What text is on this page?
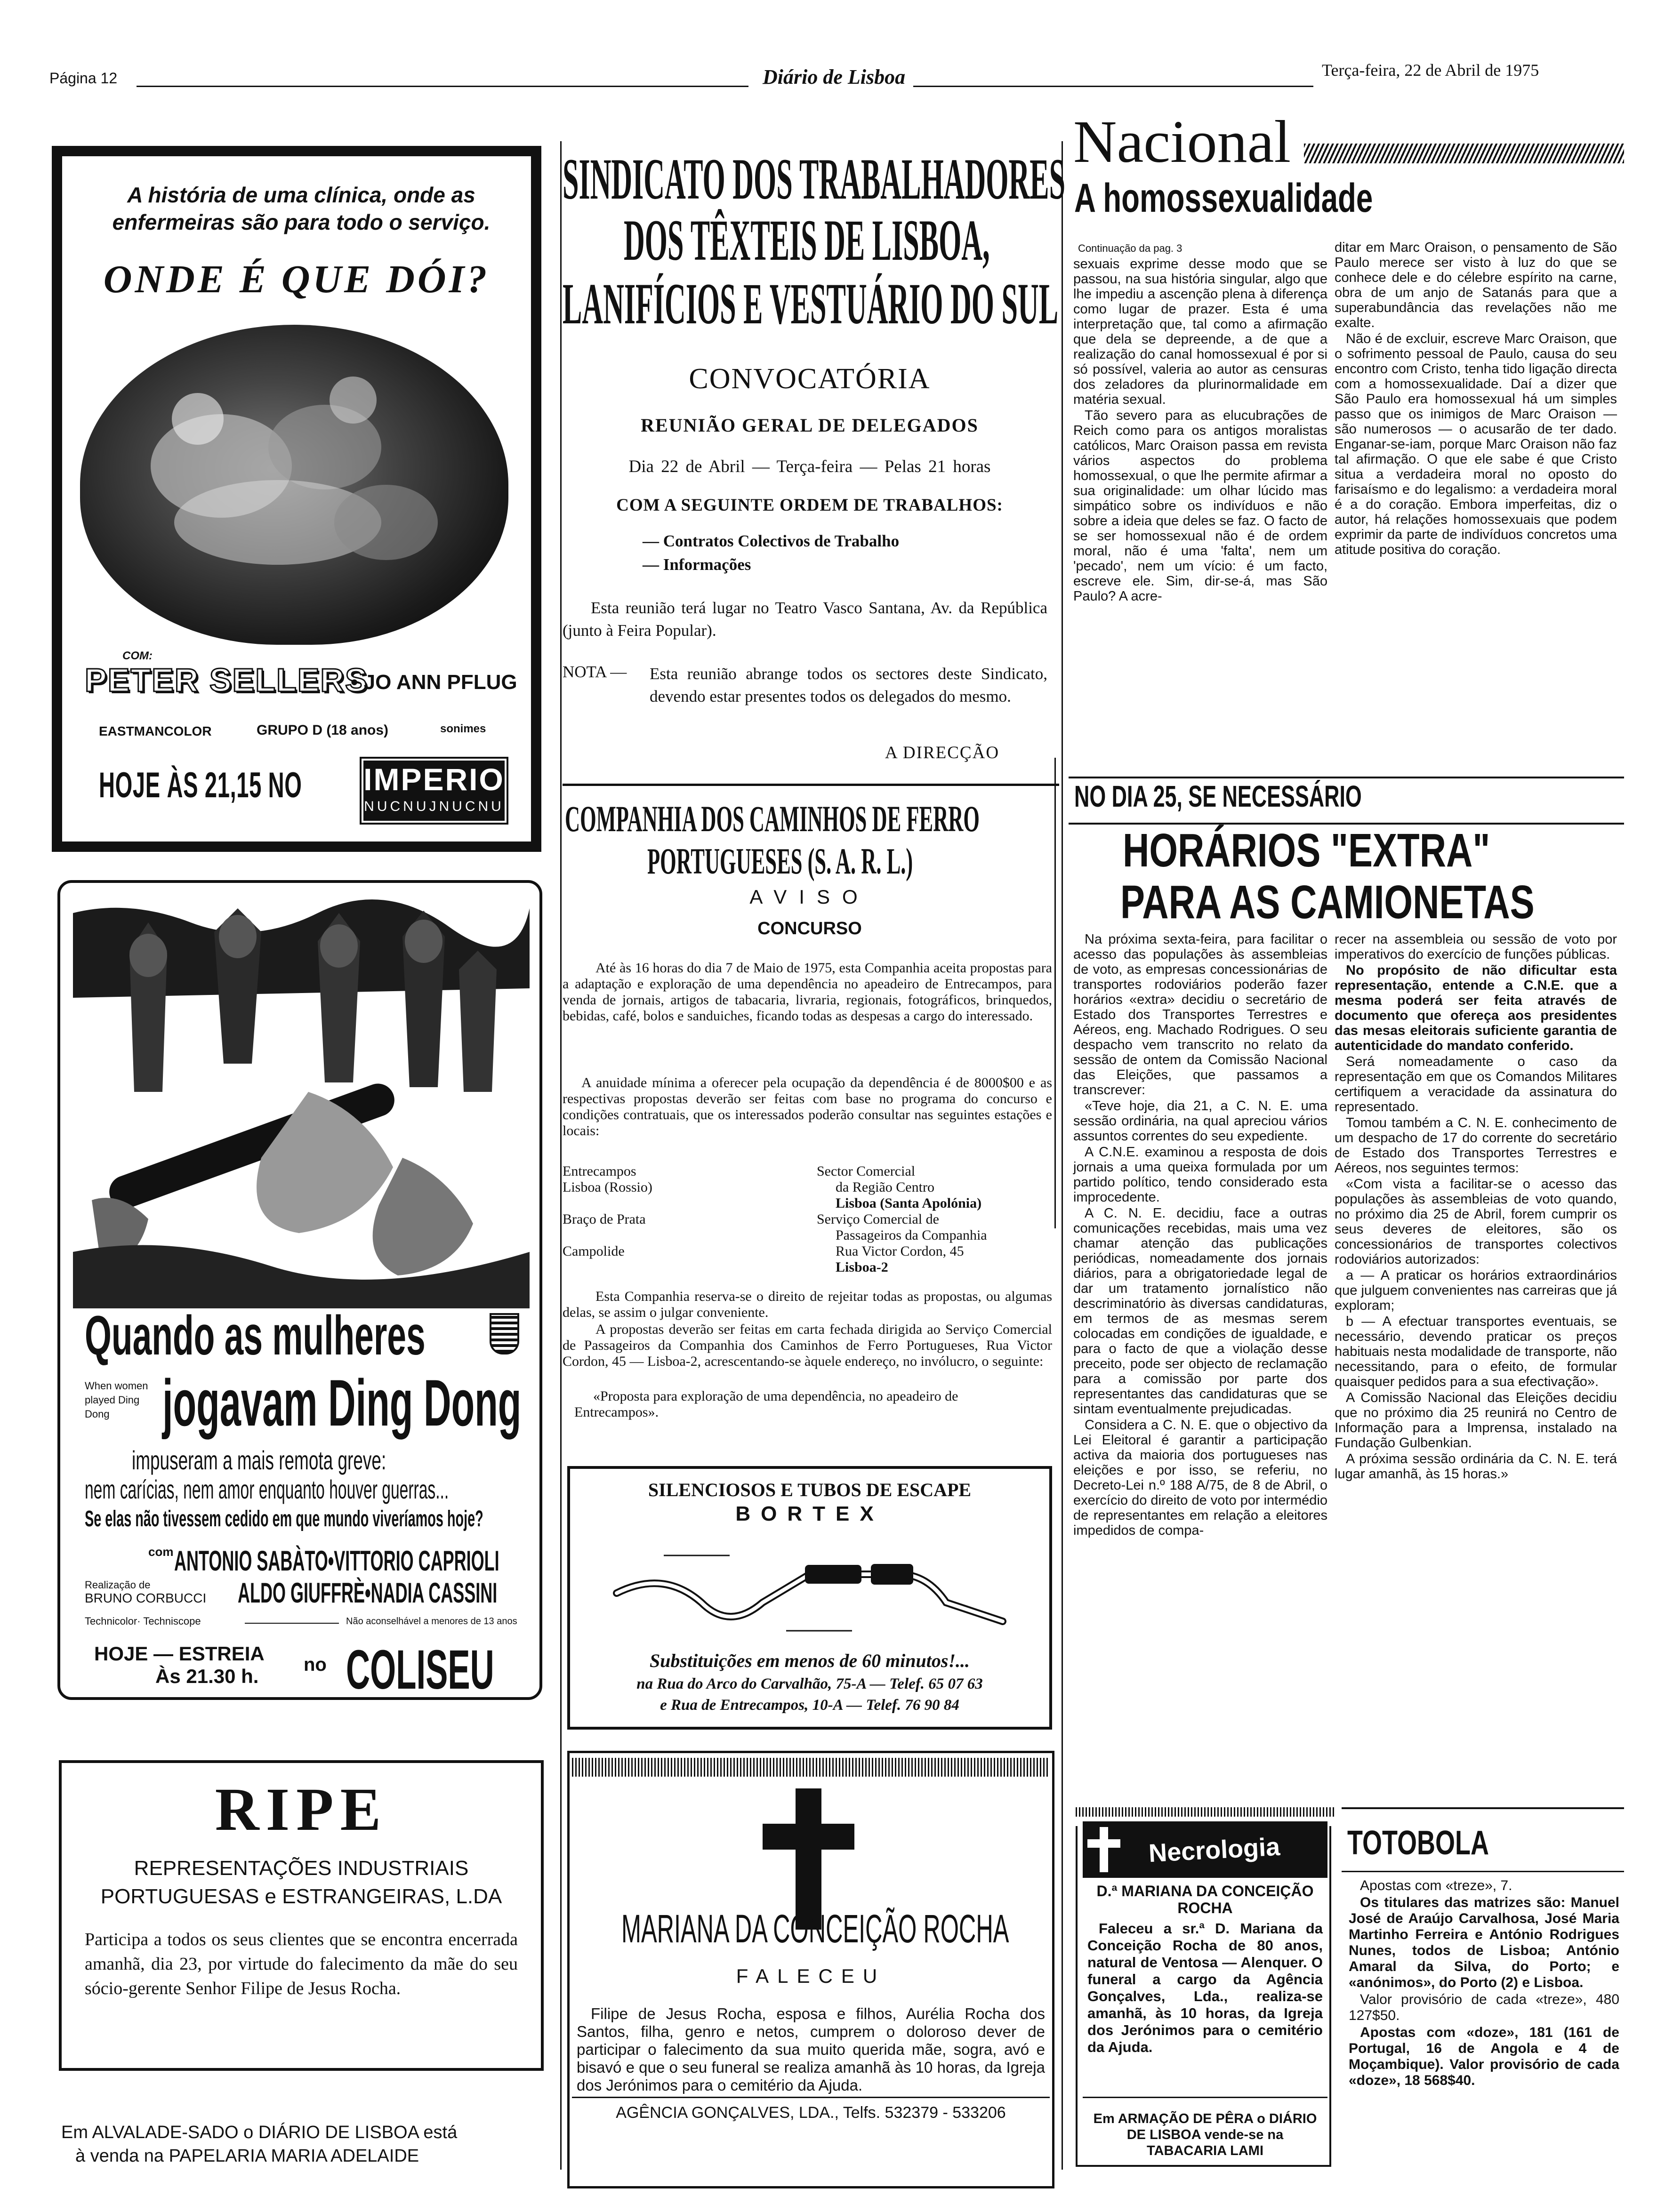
Página 12	Diário de Lisboa	Terça-feira, 22 de Abril de 1975
A história de uma clínica, onde as enfermeiras são para todo o serviço.
ONDE É QUE DÓI?
COM:
PETER SELLERS
• JO ANN PFLUG
EASTMANCOLOR	GRUPO D (18 anos)	sonimes
HOJE ÀS 21,15 NO IMPERIO
NUCNUJNUCNU
Quando as mulheres
When women played Ding Dong jogavam Ding Dong
impuseram a mais remota greve:
nem carícias, nem amor enquanto houver guerras...
Se elas não tivessem cedido em que mundo viveríamos hoje?
com ANTONIO SABÀTO•VITTORIO CAPRIOLI
Realização de
BRUNO CORBUCCI ALDO GIUFFRÈ•NADIA CASSINI
Technicolor· Techniscope	Não aconselhável a menores de 13 anos
HOJE — ESTREIA
Às 21.30 h.
no COLISEU
RIPE
REPRESENTAÇÕES INDUSTRIAIS
PORTUGUESAS e ESTRANGEIRAS, L.DA
Participa a todos os seus clientes que se encontra encerrada amanhã, dia 23, por virtude do falecimento da mãe do seu sócio-gerente Senhor Filipe de Jesus Rocha.
Em ALVALADE-SADO o DIÁRIO DE LISBOA está
à venda na PAPELARIA MARIA ADELAIDE
SINDICATO DOS TRABALHADORES
DOS TÊXTEIS DE LISBOA,
LANIFÍCIOS E VESTUÁRIO DO SUL
CONVOCATÓRIA
REUNIÃO GERAL DE DELEGADOS
Dia 22 de Abril — Terça-feira — Pelas 21 horas
COM A SEGUINTE ORDEM DE TRABALHOS:
— Contratos Colectivos de Trabalho
— Informações
Esta reunião terá lugar no Teatro Vasco Santana, Av. da República (junto à Feira Popular).
NOTA — Esta reunião abrange todos os sectores deste Sindicato, devendo estar presentes todos os delegados do mesmo.
A DIRECÇÃO
COMPANHIA DOS CAMINHOS DE FERRO
PORTUGUESES (S. A. R. L.)
AVISO
CONCURSO
Até às 16 horas do dia 7 de Maio de 1975, esta Companhia aceita propostas para a adaptação e exploração de uma dependência no apeadeiro de Entrecampos, para venda de jornais, artigos de tabacaria, livraria, regionais, fotográficos, brinquedos, bebidas, café, bolos e sanduiches, ficando todas as despesas a cargo do interessado.
A anuidade mínima a oferecer pela ocupação da dependência é de 8000$00 e as respectivas propostas deverão ser feitas com base no programa do concurso e condições contratuais, que os interessados poderão consultar nas seguintes estações e locais:
Entrecampos	Sector Comercial
Lisboa (Rossio)	da Região Centro
Lisboa (Santa Apolónia)
Braço de Prata	Serviço Comercial de
Passageiros da Companhia
Campolide	Rua Victor Cordon, 45
Lisboa-2
Esta Companhia reserva-se o direito de rejeitar todas as propostas, ou algumas delas, se assim o julgar conveniente.
A propostas deverão ser feitas em carta fechada dirigida ao Serviço Comercial de Passageiros da Companhia dos Caminhos de Ferro Portugueses, Rua Victor Cordon, 45 — Lisboa-2, acrescentando-se àquele endereço, no invólucro, o seguinte:
«Proposta para exploração de uma dependência, no apeadeiro de Entrecampos».
SILENCIOSOS E TUBOS DE ESCAPE
BORTEX
Substituições em menos de 60 minutos!...
na Rua do Arco do Carvalhão, 75-A — Telef. 65 07 63
e Rua de Entrecampos, 10-A — Telef. 76 90 84
MARIANA DA CONCEIÇÃO ROCHA
FALECEU
Filipe de Jesus Rocha, esposa e filhos, Aurélia Rocha dos Santos, filha, genro e netos, cumprem o doloroso dever de participar o falecimento da sua muito querida mãe, sogra, avó e bisavó e que o seu funeral se realiza amanhã às 10 horas, da Igreja dos Jerónimos para o cemitério da Ajuda.
AGÊNCIA GONÇALVES, LDA., Telfs. 532379 - 533206
Nacional
A homossexualidade
Continuação da pag. 3

sexuais exprime desse modo que se passou, na sua história singular, algo que lhe impediu a ascenção plena à diferença como lugar de prazer. Esta é uma interpretação que, tal como a afirmação que dela se depreende, a de que a realização do canal homossexual é por si só possível, valeria ao autor as censuras dos zeladores da plurinormalidade em matéria sexual.

Tão severo para as elucubrações de Reich como para os antigos moralistas católicos, Marc Oraison passa em revista vários aspectos do problema homossexual, o que lhe permite afirmar a sua originalidade: um olhar lúcido mas simpático sobre os indivíduos e não sobre a ideia que deles se faz. O facto de se ser homossexual não é de ordem moral, não é uma 'falta', nem um 'pecado', nem um vício: é um facto, escreve ele. Sim, dir-se-á, mas São Paulo? A acre-

ditar em Marc Oraison, o pensamento de São Paulo merece ser visto à luz do que se conhece dele e do célebre espírito na carne, obra de um anjo de Satanás para que a superabundância das revelações não me exalte.

Não é de excluir, escreve Marc Oraison, que o sofrimento pessoal de Paulo, causa do seu encontro com Cristo, tenha tido ligação directa com a homossexualidade. Daí a dizer que São Paulo era homossexual há um simples passo que os inimigos de Marc Oraison — são numerosos — o acusarão de ter dado. Enganar-se-iam, porque Marc Oraison não faz tal afirmação. O que ele sabe é que Cristo situa a verdadeira moral no oposto do farisaísmo e do legalismo: a verdadeira moral é a do coração. Embora imperfeitas, diz o autor, há relações homossexuais que podem exprimir da parte de indivíduos concretos uma atitude positiva do coração.

NO DIA 25, SE NECESSÁRIO
HORÁRIOS "EXTRA"
PARA AS CAMIONETAS

Na próxima sexta-feira, para facilitar o acesso das populações às assembleias de voto, as empresas concessionárias de transportes rodoviários poderão fazer horários «extra» decidiu o secretário de Estado dos Transportes Terrestres e Aéreos, eng. Machado Rodrigues. O seu despacho vem transcrito no relato da sessão de ontem da Comissão Nacional das Eleições, que passamos a transcrever:

«Teve hoje, dia 21, a C. N. E. uma sessão ordinária, na qual apreciou vários assuntos correntes do seu expediente.

A C.N.E. examinou a resposta de dois jornais a uma queixa formulada por um partido político, tendo considerado esta improcedente.

A C. N. E. decidiu, face a outras comunicações recebidas, mais uma vez chamar atenção das publicações periódicas, nomeadamente dos jornais diários, para a obrigatoriedade legal de dar um tratamento jornalístico não descriminatório às diversas candidaturas, em termos de as mesmas serem colocadas em condições de igualdade, e para o facto de que a violação desse preceito, pode ser objecto de reclamação para a comissão por parte dos representantes das candidaturas que se sintam eventualmente prejudicadas.

Considera a C. N. E. que o objectivo da Lei Eleitoral é garantir a participação activa da maioria dos portugueses nas eleições e por isso, se referiu, no Decreto-Lei n.º 188 A/75, de 8 de Abril, o exercício do direito de voto por intermédio de representantes em relação a eleitores impedidos de compa-

recer na assembleia ou sessão de voto por imperativos do exercício de funções públicas.

No propósito de não dificultar esta representação, entende a C.N.E. que a mesma poderá ser feita através de documento que ofereça aos presidentes das mesas eleitorais suficiente garantia de autenticidade do mandato conferido.

Será nomeadamente o caso da representação em que os Comandos Militares certifiquem a veracidade da assinatura do representado.

Tomou também a C. N. E. conhecimento de um despacho de 17 do corrente do secretário de Estado dos Transportes Terrestres e Aéreos, nos seguintes termos:

«Com vista a facilitar-se o acesso das populações às assembleias de voto quando, no próximo dia 25 de Abril, forem cumprir os seus deveres de eleitores, são os concessionários de transportes colectivos rodoviários autorizados:

a — A praticar os horários extraordinários que julguem convenientes nas carreiras que já exploram;

b — A efectuar transportes eventuais, se necessário, devendo praticar os preços habituais nesta modalidade de transporte, não necessitando, para o efeito, de formular quaisquer pedidos para a sua efectivação».

A Comissão Nacional das Eleições decidiu que no próximo dia 25 reunirá no Centro de Informação para a Imprensa, instalado na Fundação Gulbenkian.

A próxima sessão ordinária da C. N. E. terá lugar amanhã, às 15 horas.»

Necrologia
D.ª MARIANA DA CONCEIÇÃO ROCHA
Faleceu a sr.ª D. Mariana da Conceição Rocha de 80 anos, natural de Ventosa — Alenquer. O funeral a cargo da Agência Gonçalves, Lda., realiza-se amanhã, às 10 horas, da Igreja dos Jerónimos para o cemitério da Ajuda.
Em ARMAÇÃO DE PÊRA o DIÁRIO DE LISBOA vende-se na TABACARIA LAMI
TOTOBOLA

Apostas com «treze», 7.

Os titulares das matrizes são: Manuel José de Araújo Carvalhosa, José Maria Martinho Ferreira e António Rodrigues Nunes, todos de Lisboa; António Amaral da Silva, do Porto; e «anónimos», do Porto (2) e Lisboa.

Valor provisório de cada «treze», 480 127$50.

Apostas com «doze», 181 (161 de Portugal, 16 de Angola e 4 de Moçambique). Valor provisório de cada «doze», 18 568$40.
